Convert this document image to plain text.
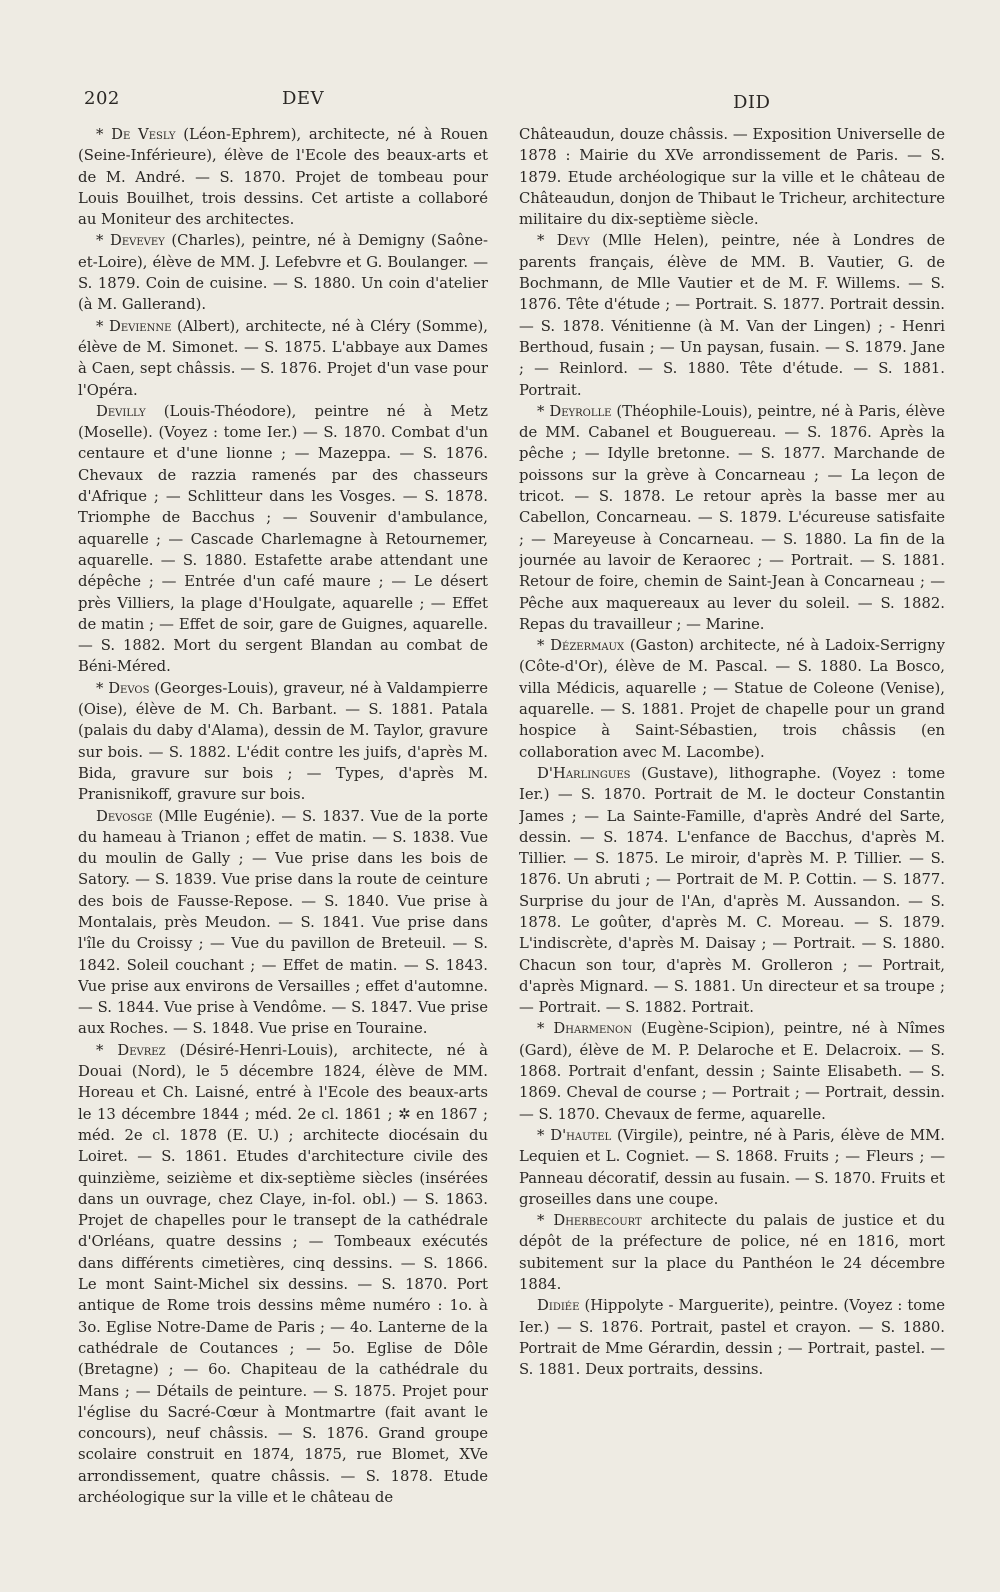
202	DEV	DID

* De Vesly (Léon-Ephrem), architecte, né à Rouen (Seine-Inférieure), élève de l'Ecole des beaux-arts et de M. André. — S. 1870. Projet de tombeau pour Louis Bouilhet, trois dessins. Cet artiste a collaboré au Moniteur des architectes.

* Devevey (Charles), peintre, né à Demigny (Saône-et-Loire), élève de MM. J. Lefebvre et G. Boulanger. — S. 1879. Coin de cuisine. — S. 1880. Un coin d'atelier (à M. Gallerand).

* Devienne (Albert), architecte, né à Cléry (Somme), élève de M. Simonet. — S. 1875. L'abbaye aux Dames à Caen, sept châssis. — S. 1876. Projet d'un vase pour l'Opéra.

Devilly (Louis-Théodore), peintre né à Metz (Moselle). (Voyez : tome Ier.) — S. 1870. Combat d'un centaure et d'une lionne ; — Mazeppa. — S. 1876. Chevaux de razzia ramenés par des chasseurs d'Afrique ; — Schlitteur dans les Vosges. — S. 1878. Triomphe de Bacchus ; — Souvenir d'ambulance, aquarelle ; — Cascade Charlemagne à Retournemer, aquarelle. — S. 1880. Estafette arabe attendant une dépêche ; — Entrée d'un café maure ; — Le désert près Villiers, la plage d'Houlgate, aquarelle ; — Effet de matin ; — Effet de soir, gare de Guignes, aquarelle. — S. 1882. Mort du sergent Blandan au combat de Béni-Méred.

* Devos (Georges-Louis), graveur, né à Valdampierre (Oise), élève de M. Ch. Barbant. — S. 1881. Patala (palais du daby d'Alama), dessin de M. Taylor, gravure sur bois. — S. 1882. L'édit contre les juifs, d'après M. Bida, gravure sur bois ; — Types, d'après M. Pranisnikoff, gravure sur bois.

Devosge (Mlle Eugénie). — S. 1837. Vue de la porte du hameau à Trianon ; effet de matin. — S. 1838. Vue du moulin de Gally ; — Vue prise dans les bois de Satory. — S. 1839. Vue prise dans la route de ceinture des bois de Fausse-Repose. — S. 1840. Vue prise à Montalais, près Meudon. — S. 1841. Vue prise dans l'île du Croissy ; — Vue du pavillon de Breteuil. — S. 1842. Soleil couchant ; — Effet de matin. — S. 1843. Vue prise aux environs de Versailles ; effet d'automne. — S. 1844. Vue prise à Vendôme. — S. 1847. Vue prise aux Roches. — S. 1848. Vue prise en Touraine.

* Devrez (Désiré-Henri-Louis), architecte, né à Douai (Nord), le 5 décembre 1824, élève de MM. Horeau et Ch. Laisné, entré à l'Ecole des beaux-arts le 13 décembre 1844 ; méd. 2e cl. 1861 ; ✲ en 1867 ; méd. 2e cl. 1878 (E. U.) ; architecte diocésain du Loiret. — S. 1861. Etudes d'architecture civile des quinzième, seizième et dix-septième siècles (insérées dans un ouvrage, chez Claye, in-fol. obl.) — S. 1863. Projet de chapelles pour le transept de la cathédrale d'Orléans, quatre dessins ; — Tombeaux exécutés dans différents cimetières, cinq dessins. — S. 1866. Le mont Saint-Michel six dessins. — S. 1870. Port antique de Rome trois dessins même numéro : 1o. à 3o. Eglise Notre-Dame de Paris ; — 4o. Lanterne de la cathédrale de Coutances ; — 5o. Eglise de Dôle (Bretagne) ; — 6o. Chapiteau de la cathédrale du Mans ; — Détails de peinture. — S. 1875. Projet pour l'église du Sacré-Cœur à Montmartre (fait avant le concours), neuf châssis. — S. 1876. Grand groupe scolaire construit en 1874, 1875, rue Blomet, XVe arrondissement, quatre châssis. — S. 1878. Etude archéologique sur la ville et le château de

Châteaudun, douze châssis. — Exposition Universelle de 1878 : Mairie du XVe arrondissement de Paris. — S. 1879. Etude archéologique sur la ville et le château de Châteaudun, donjon de Thibaut le Tricheur, architecture militaire du dix-septième siècle.

* Devy (Mlle Helen), peintre, née à Londres de parents français, élève de MM. B. Vautier, G. de Bochmann, de Mlle Vautier et de M. F. Willems. — S. 1876. Tête d'étude ; — Portrait. S. 1877. Portrait dessin. — S. 1878. Vénitienne (à M. Van der Lingen) ; - Henri Berthoud, fusain ; — Un paysan, fusain. — S. 1879. Jane ; — Reinlord. — S. 1880. Tête d'étude. — S. 1881. Portrait.

* Deyrolle (Théophile-Louis), peintre, né à Paris, élève de MM. Cabanel et Bouguereau. — S. 1876. Après la pêche ; — Idylle bretonne. — S. 1877. Marchande de poissons sur la grève à Concarneau ; — La leçon de tricot. — S. 1878. Le retour après la basse mer au Cabellon, Concarneau. — S. 1879. L'écureuse satisfaite ; — Mareyeuse à Concarneau. — S. 1880. La fin de la journée au lavoir de Keraorec ; — Portrait. — S. 1881. Retour de foire, chemin de Saint-Jean à Concarneau ; — Pêche aux maquereaux au lever du soleil. — S. 1882. Repas du travailleur ; — Marine.

* Dézermaux (Gaston) architecte, né à Ladoix-Serrigny (Côte-d'Or), élève de M. Pascal. — S. 1880. La Bosco, villa Médicis, aquarelle ; — Statue de Coleone (Venise), aquarelle. — S. 1881. Projet de chapelle pour un grand hospice à Saint-Sébastien, trois châssis (en collaboration avec M. Lacombe).

D'Harlingues (Gustave), lithographe. (Voyez : tome Ier.) — S. 1870. Portrait de M. le docteur Constantin James ; — La Sainte-Famille, d'après André del Sarte, dessin. — S. 1874. L'enfance de Bacchus, d'après M. Tillier. — S. 1875. Le miroir, d'après M. P. Tillier. — S. 1876. Un abruti ; — Portrait de M. P. Cottin. — S. 1877. Surprise du jour de l'An, d'après M. Aussandon. — S. 1878. Le goûter, d'après M. C. Moreau. — S. 1879. L'indiscrète, d'après M. Daisay ; — Portrait. — S. 1880. Chacun son tour, d'après M. Grolleron ; — Portrait, d'après Mignard. — S. 1881. Un directeur et sa troupe ; — Portrait. — S. 1882. Portrait.

* Dharmenon (Eugène-Scipion), peintre, né à Nîmes (Gard), élève de M. P. Delaroche et E. Delacroix. — S. 1868. Portrait d'enfant, dessin ; Sainte Elisabeth. — S. 1869. Cheval de course ; — Portrait ; — Portrait, dessin. — S. 1870. Chevaux de ferme, aquarelle.

* D'hautel (Virgile), peintre, né à Paris, élève de MM. Lequien et L. Cogniet. — S. 1868. Fruits ; — Fleurs ; — Panneau décoratif, dessin au fusain. — S. 1870. Fruits et groseilles dans une coupe.

* Dherbecourt architecte du palais de justice et du dépôt de la préfecture de police, né en 1816, mort subitement sur la place du Panthéon le 24 décembre 1884.

Didiée (Hippolyte - Marguerite), peintre. (Voyez : tome Ier.) — S. 1876. Portrait, pastel et crayon. — S. 1880. Portrait de Mme Gérardin, dessin ; — Portrait, pastel. — S. 1881. Deux portraits, dessins.
